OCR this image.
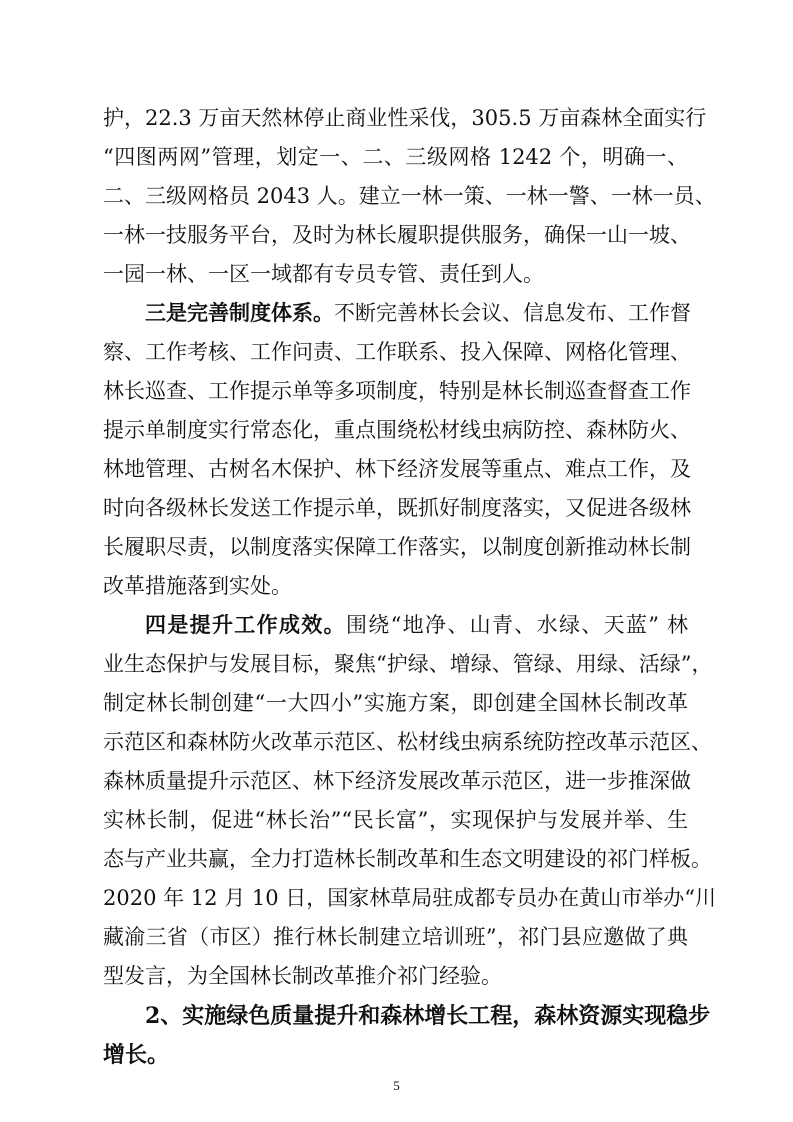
护，22.3 万亩天然林停止商业性采伐，305.5 万亩森林全面实行
“四图两网”管理，划定一、二、三级网格 1242 个，明确一、
二、三级网格员 2043 人。建立一林一策、一林一警、一林一员、
一林一技服务平台，及时为林长履职提供服务，确保一山一坡、
一园一林、一区一域都有专员专管、责任到人。
三是完善制度体系。不断完善林长会议、信息发布、工作督
察、工作考核、工作问责、工作联系、投入保障、网格化管理、
林长巡查、工作提示单等多项制度，特别是林长制巡查督查工作
提示单制度实行常态化，重点围绕松材线虫病防控、森林防火、
林地管理、古树名木保护、林下经济发展等重点、难点工作，及
时向各级林长发送工作提示单，既抓好制度落实，又促进各级林
长履职尽责，以制度落实保障工作落实，以制度创新推动林长制
改革措施落到实处。
四是提升工作成效。围绕“地净、山青、水绿、天蓝” 林
业生态保护与发展目标，聚焦“护绿、增绿、管绿、用绿、活绿”，
制定林长制创建“一大四小”实施方案，即创建全国林长制改革
示范区和森林防火改革示范区、松材线虫病系统防控改革示范区、
森林质量提升示范区、林下经济发展改革示范区，进一步推深做
实林长制，促进“林长治”“民长富”，实现保护与发展并举、生
态与产业共赢，全力打造林长制改革和生态文明建设的祁门样板。
2020 年 12 月 10 日，国家林草局驻成都专员办在黄山市举办“川
藏渝三省（市区）推行林长制建立培训班”，祁门县应邀做了典
型发言，为全国林长制改革推介祁门经验。
2、实施绿色质量提升和森林增长工程，森林资源实现稳步
增长。
5
